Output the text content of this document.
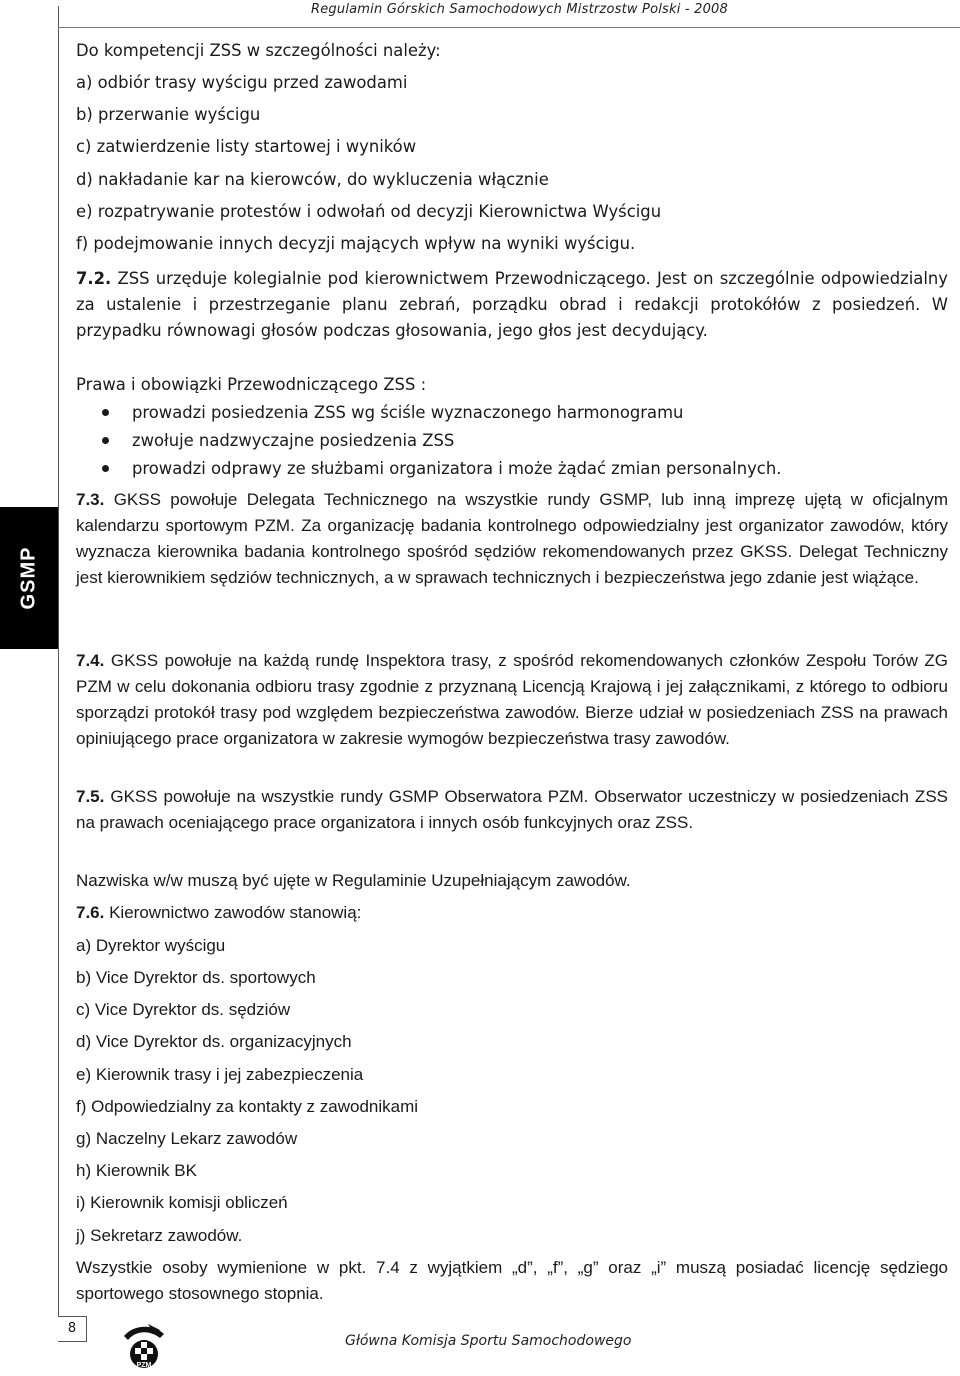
Regulamin Górskich Samochodowych Mistrzostw Polski - 2008
GSMP
Do kompetencji ZSS w szczególności należy:
a) odbiór trasy wyścigu przed zawodami
b) przerwanie wyścigu
c) zatwierdzenie listy startowej i wyników
d) nakładanie kar na kierowców, do wykluczenia włącznie
e) rozpatrywanie protestów i odwołań od decyzji Kierownictwa Wyścigu
f) podejmowanie innych decyzji mających wpływ na wyniki wyścigu.

7.2. ZSS urzęduje kolegialnie pod kierownictwem Przewodniczącego. Jest on szczególnie odpowiedzialny za ustalenie i przestrzeganie planu zebrań, porządku obrad i redakcji protokółów z posiedzeń. W przypadku równowagi głosów podczas głosowania, jego głos jest decydujący.

Prawa i obowiązki Przewodniczącego ZSS :
prowadzi posiedzenia ZSS wg ściśle wyznaczonego harmonogramu
zwołuje nadzwyczajne posiedzenia ZSS
prowadzi odprawy ze służbami organizatora i może żądać zmian personalnych.

7.3. GKSS powołuje Delegata Technicznego na wszystkie rundy GSMP, lub inną imprezę ujętą w oficjalnym kalendarzu sportowym PZM. Za organizację badania kontrolnego odpowiedzialny jest organizator zawodów, który wyznacza kierownika badania kontrolnego spośród sędziów rekomendowanych przez GKSS. Delegat Techniczny jest kierownikiem sędziów technicznych, a w sprawach technicznych i bezpieczeństwa jego zdanie jest wiążące.

7.4. GKSS powołuje na każdą rundę Inspektora trasy, z spośród rekomendowanych członków Zespołu Torów ZG PZM w celu dokonania odbioru trasy zgodnie z przyznaną Licencją Krajową i jej załącznikami, z którego to odbioru sporządzi protokół trasy pod względem bezpieczeństwa zawodów. Bierze udział w posiedzeniach ZSS na prawach opiniującego prace organizatora w zakresie wymogów bezpieczeństwa trasy zawodów.

7.5. GKSS powołuje na wszystkie rundy GSMP Obserwatora PZM. Obserwator uczestniczy w posiedzeniach ZSS na prawach oceniającego prace organizatora i innych osób funkcyjnych oraz ZSS.

Nazwiska w/w muszą być ujęte w Regulaminie Uzupełniającym zawodów.

7.6. Kierownictwo zawodów stanowią:

a) Dyrektor wyścigu
b) Vice Dyrektor ds. sportowych
c) Vice Dyrektor ds. sędziów
d) Vice Dyrektor ds. organizacyjnych
e) Kierownik trasy i jej zabezpieczenia
f) Odpowiedzialny za kontakty z zawodnikami
g) Naczelny Lekarz zawodów
h) Kierownik BK
i) Kierownik komisji obliczeń
j) Sekretarz zawodów.

Wszystkie osoby wymienione w pkt. 7.4 z wyjątkiem „d”, „f”, „g” oraz „i” muszą posiadać licencję sędziego sportowego stosownego stopnia.

8
PZM
Główna Komisja Sportu Samochodowego
